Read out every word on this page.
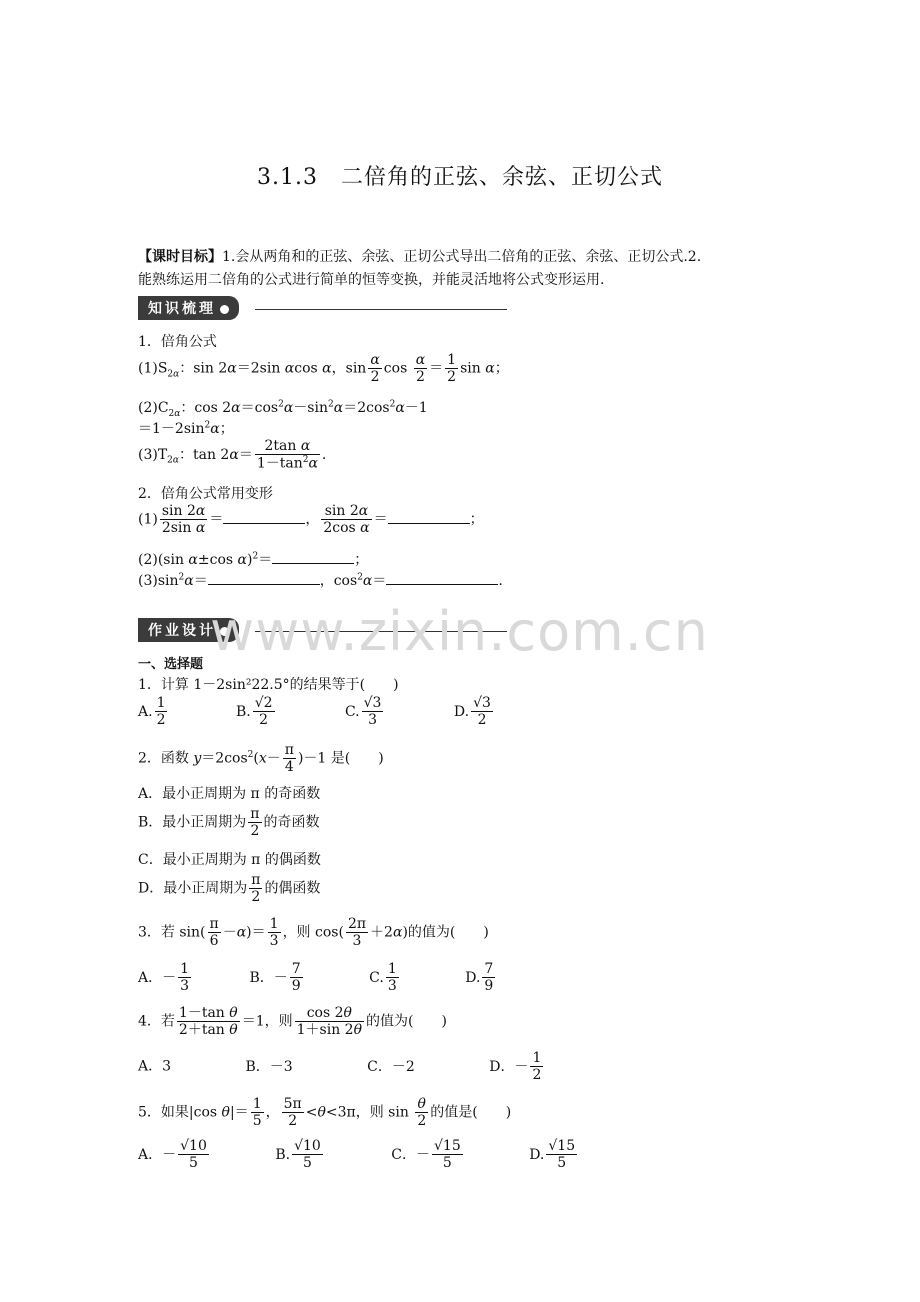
3.1.3　二倍角的正弦、余弦、正切公式
【课时目标】1.会从两角和的正弦、余弦、正切公式导出二倍角的正弦、余弦、正切公式.2.
能熟练运用二倍角的公式进行简单的恒等变换，并能灵活地将公式变形运用.
知识梳理
1．倍角公式
$(1)S_{2\alpha}$：sin 2α＝2sin αcos α，$\sin \frac{\alpha}{2}$ $\cos \frac{\alpha}{2} = \frac{1}{2}$ sin α；
$(2)C_{2\alpha}$：$\cos 2\alpha=\cos^2\alpha-\sin^2\alpha=2\cos^2\alpha-1$
$=1-2\sin^2\alpha$；
$(3)T_{2\alpha}$：$\tan 2\alpha= \frac{\text{2tan α}}{1-\tan^2\alpha}$ .
2．倍角公式常用变形
$(1) \frac{\sin 2\alpha}{\text{2sin α}}$ ＝	， $\frac{\sin 2\alpha}{\text{2cos α}}$ ＝	；
(2)(sin α±cos α)$^2$＝	；
$(3)\sin^2\alpha=$	，$\cos^2\alpha=$	.
作业设计
www.zixin.com.cn
一、选择题
1．计算 1－2sin²22.5°的结果等于(　　)
A. $\frac{1}{2}$	B. $\frac{√2}{2}$	C. $\frac{√3}{3}$	D. $\frac{√3}{2}$
2．函数 $y=2\cos^2(x- \frac{\pi}{4} )-1$ 是(　　)
A．最小正周期为 π 的奇函数
B．最小正周期为 $\frac{\pi}{2}$ 的奇函数
C．最小正周期为 π 的偶函数
D．最小正周期为 $\frac{\pi}{2}$ 的偶函数
3．若 $\sin( \frac{\pi}{6} -\alpha)= \frac{1}{3}$ ，则 $\cos( \frac{2\pi}{3} +2\alpha)$的值为(　　)
A．－ $\frac{1}{3}$	B．－ $\frac{7}{9}$	C. $\frac{1}{3}$	D. $\frac{7}{9}$
4．若 $\frac{\text{1－tan θ}}{\text{2＋tan θ}} =1$，则 $\frac{\cos 2\theta}{1+\sin 2\theta}$ 的值为(　　)
A．3	B．－3	C．－2	D．－ $\frac{1}{2}$
5．如果|cos $\theta|= \frac{1}{5}$ ， $\frac{5\pi}{2} <\theta<3\pi$，则 $\sin \frac{\theta}{2}$ 的值是(　　)
A．－ $\frac{√10}{5}$	B. $\frac{√10}{5}$	C．－ $\frac{√15}{5}$	D. $\frac{√15}{5}$
